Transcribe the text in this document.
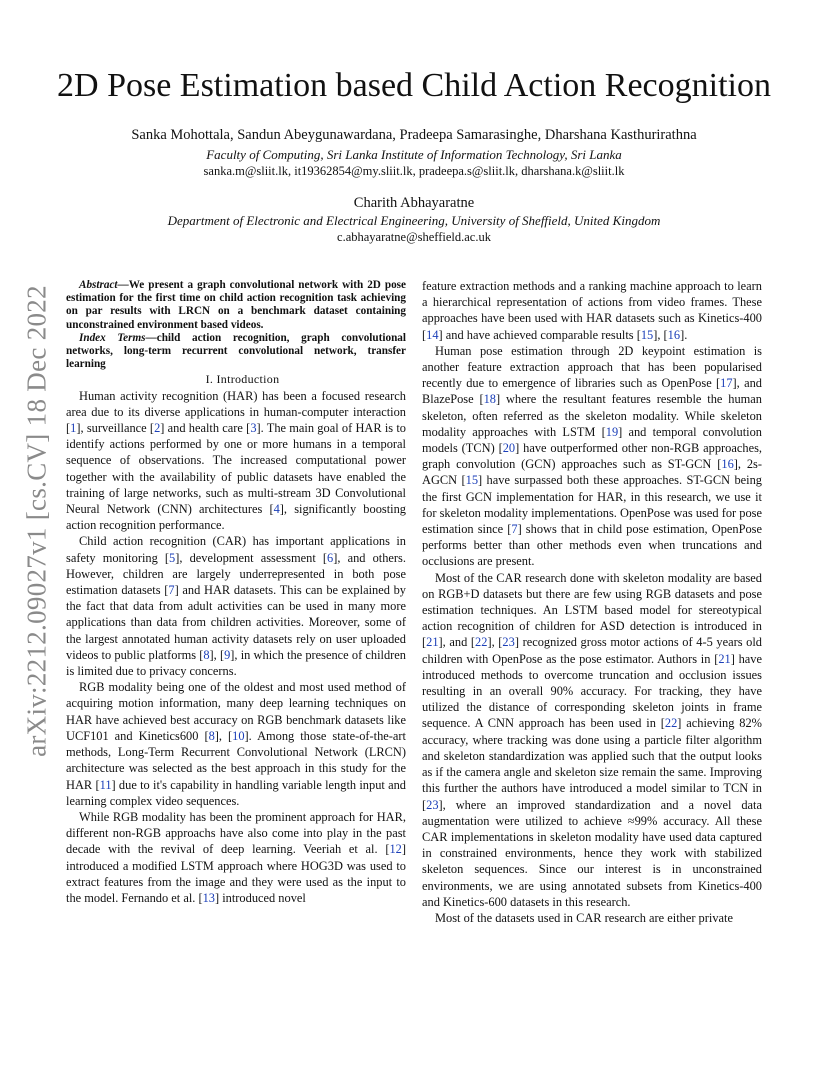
arXiv:2212.09027v1 [cs.CV] 18 Dec 2022
2D Pose Estimation based Child Action Recognition
Sanka Mohottala, Sandun Abeygunawardana, Pradeepa Samarasinghe, Dharshana Kasthurirathna
Faculty of Computing, Sri Lanka Institute of Information Technology, Sri Lanka
sanka.m@sliit.lk, it19362854@my.sliit.lk, pradeepa.s@sliit.lk, dharshana.k@sliit.lk
Charith Abhayaratne
Department of Electronic and Electrical Engineering, University of Sheffield, United Kingdom
c.abhayaratne@sheffield.ac.uk

Abstract—We present a graph convolutional network with 2D pose estimation for the first time on child action recognition task achieving on par results with LRCN on a benchmark dataset containing unconstrained environment based videos.

Index Terms—child action recognition, graph convolutional networks, long-term recurrent convolutional network, transfer learning

I. Introduction

Human activity recognition (HAR) has been a focused research area due to its diverse applications in human-computer interaction [1], surveillance [2] and health care [3]. The main goal of HAR is to identify actions performed by one or more humans in a temporal sequence of observations. The increased computational power together with the availability of public datasets have enabled the training of large networks, such as multi-stream 3D Convolutional Neural Network (CNN) architectures [4], significantly boosting action recognition performance.

Child action recognition (CAR) has important applications in safety monitoring [5], development assessment [6], and others. However, children are largely underrepresented in both pose estimation datasets [7] and HAR datasets. This can be explained by the fact that data from adult activities can be used in many more applications than data from children activities. Moreover, some of the largest annotated human activity datasets rely on user uploaded videos to public platforms [8], [9], in which the presence of children is limited due to privacy concerns.

RGB modality being one of the oldest and most used method of acquiring motion information, many deep learning techniques on HAR have achieved best accuracy on RGB benchmark datasets like UCF101 and Kinetics600 [8], [10]. Among those state-of-the-art methods, Long-Term Recurrent Convolutional Network (LRCN) architecture was selected as the best approach in this study for the HAR [11] due to it's capability in handling variable length input and learning complex video sequences.

While RGB modality has been the prominent approach for HAR, different non-RGB approachs have also come into play in the past decade with the revival of deep learning. Veeriah et al. [12] introduced a modified LSTM approach where HOG3D was used to extract features from the image and they were used as the input to the model. Fernando et al. [13] introduced novel

feature extraction methods and a ranking machine approach to learn a hierarchical representation of actions from video frames. These approaches have been used with HAR datasets such as Kinetics-400 [14] and have achieved comparable results [15], [16].

Human pose estimation through 2D keypoint estimation is another feature extraction approach that has been popularised recently due to emergence of libraries such as OpenPose [17], and BlazePose [18] where the resultant features resemble the human skeleton, often referred as the skeleton modality. While skeleton modality approaches with LSTM [19] and temporal convolution models (TCN) [20] have outperformed other non-RGB approaches, graph convolution (GCN) approaches such as ST-GCN [16], 2s-AGCN [15] have surpassed both these approaches. ST-GCN being the first GCN implementation for HAR, in this research, we use it for skeleton modality implementations. OpenPose was used for pose estimation since [7] shows that in child pose estimation, OpenPose performs better than other methods even when truncations and occlusions are present.

Most of the CAR research done with skeleton modality are based on RGB+D datasets but there are few using RGB datasets and pose estimation techniques. An LSTM based model for stereotypical action recognition of children for ASD detection is introduced in [21], and [22], [23] recognized gross motor actions of 4-5 years old children with OpenPose as the pose estimator. Authors in [21] have introduced methods to overcome truncation and occlusion issues resulting in an overall 90% accuracy. For tracking, they have utilized the distance of corresponding skeleton joints in frame sequence. A CNN approach has been used in [22] achieving 82% accuracy, where tracking was done using a particle filter algorithm and skeleton standardization was applied such that the output looks as if the camera angle and skeleton size remain the same. Improving this further the authors have introduced a model similar to TCN in [23], where an improved standardization and a novel data augmentation were utilized to achieve ≈99% accuracy. All these CAR implementations in skeleton modality have used data captured in constrained environments, hence they work with stabilized skeleton sequences. Since our interest is in unconstrained environments, we are using annotated subsets from Kinetics-400 and Kinetics-600 datasets in this research.

Most of the datasets used in CAR research are either private
